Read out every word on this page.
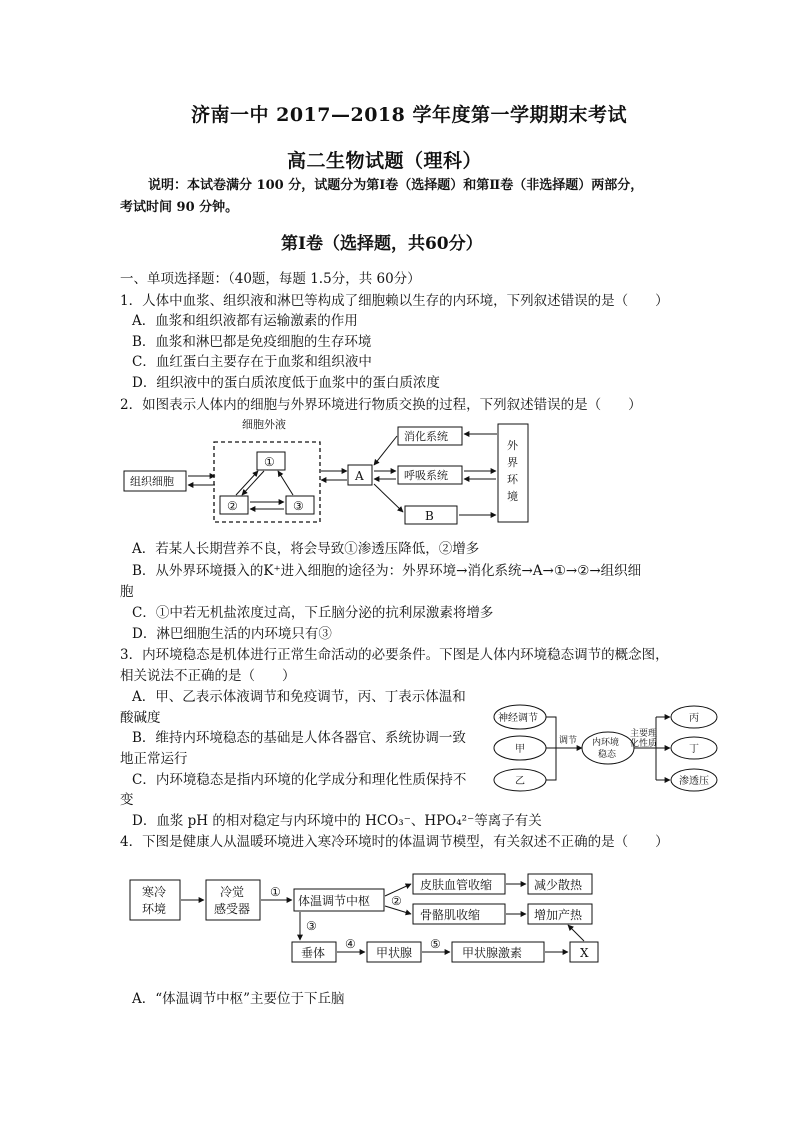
济南一中 2017—2018 学年度第一学期期末考试
高二生物试题（理科）
说明：本试卷满分 100 分，试题分为第Ⅰ卷（选择题）和第Ⅱ卷（非选择题）两部分，
考试时间 90 分钟。
第Ⅰ卷（选择题，共60分）
一、单项选择题：（40题，每题 1.5分，共 60分）
1．人体中血浆、组织液和淋巴等构成了细胞赖以生存的内环境，下列叙述错误的是（　　）
A．血浆和组织液都有运输激素的作用
B．血浆和淋巴都是免疫细胞的生存环境
C．血红蛋白主要存在于血浆和组织液中
D．组织液中的蛋白质浓度低于血浆中的蛋白质浓度
2．如图表示人体内的细胞与外界环境进行物质交换的过程，下列叙述错误的是（　　）
细胞外液
组织细胞
①
②	③
A
消化系统
呼吸系统
B
外
界
环
境
A．若某人长期营养不良，将会导致①渗透压降低，②增多
B．从外界环境摄入的K⁺进入细胞的途径为：外界环境→消化系统→A→①→②→组织细
胞
C．①中若无机盐浓度过高，下丘脑分泌的抗利尿激素将增多
D．淋巴细胞生活的内环境只有③
3．内环境稳态是机体进行正常生命活动的必要条件。下图是人体内环境稳态调节的概念图，
相关说法不正确的是（　　）
A．甲、乙表示体液调节和免疫调节，丙、丁表示体温和
酸碱度
B．维持内环境稳态的基础是人体各器官、系统协调一致
地正常运行
C．内环境稳态是指内环境的化学成分和理化性质保持不
变
D．血浆 pH 的相对稳定与内环境中的 HCO₃⁻、HPO₄²⁻等离子有关
神经调节
甲
乙
调节 内环境
稳态
主要理
化性质
丙
丁
渗透压
4．下图是健康人从温暖环境进入寒冷环境时的体温调节模型，有关叙述不正确的是（　　）
寒冷
环境
冷觉
感受器
①
体温调节中枢 ②
皮肤血管收缩	减少散热
骨骼肌收缩	增加产热
③
垂体
④
甲状腺
⑤
甲状腺激素	X
A．“体温调节中枢”主要位于下丘脑
